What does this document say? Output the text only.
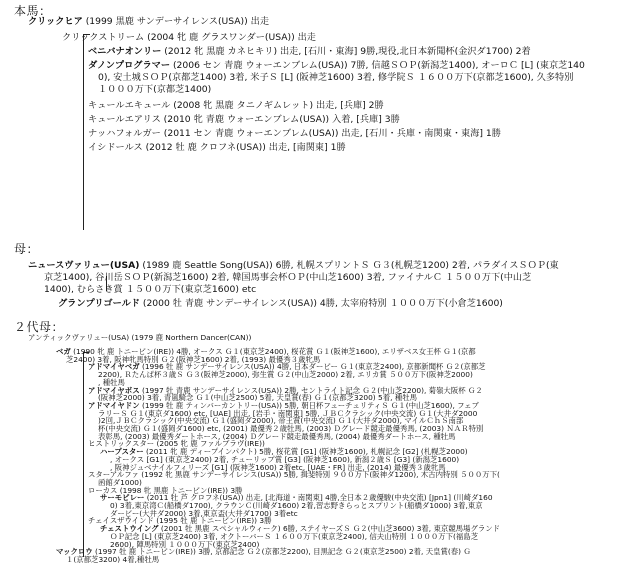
本馬：
母：
２代母：
クリックヒア (1999 黒鹿 サンデーサイレンス(USA)) 出走
クリックストリーム (2004 牝 鹿 グラスワンダー(USA)) 出走
ベニバナオンリー (2012 牝 黒鹿 カネヒキリ) 出走, [石川・東海] 9勝,現役,北日本新聞杯(金沢ダ1700) 2着
ダノンプログラマー (2006 セン 青鹿 ウォーエンブレム(USA)) 7勝, 信越ＳＯＰ(新潟芝1400), オーロＣ [L] (東京芝140
0), 安土城ＳＯＰ(京都芝1400) 3着, 米子Ｓ [L] (阪神芝1600) 3着, 修学院Ｓ １６００万下(京都芝1600), 久多特別
１０００万下(京都芝1400)
キュールエキュール (2008 牝 黒鹿 タニノギムレット) 出走, [兵庫] 2勝
キュールエアリス (2010 牝 青鹿 ウォーエンブレム(USA)) 入着, [兵庫] 3勝
ナッハフォルガー (2011 セン 青鹿 ウォーエンブレム(USA)) 出走, [石川・兵庫・南関東・東海] 1勝
イシドールス (2012 牡 鹿 クロフネ(USA)) 出走, [南関東] 1勝
ニュースヴァリュー(USA) (1989 鹿 Seattle Song(USA)) 6勝, 札幌スプリントＳ Ｇ３(札幌芝1200) 2着, パラダイスＳＯＰ(東
京芝1400), 谷川岳ＳＯＰ(新潟芝1600) 2着, 韓国馬事会杯ＯＰ(中山芝1600) 3着, ファイナルＣ １５００万下(中山芝
1400), むらさき賞 １５００万下(東京芝1600) etc
グランプリゴールド (2000 牡 青鹿 サンデーサイレンス(USA)) 4勝, 太宰府特別 １０００万下(小倉芝1600)
アンティックヴァリュー(USA) (1979 鹿 Northern Dancer(CAN))
ベガ (1990 牝 鹿 トニービン(IRE)) 4勝, オークス Ｇ１(東京芝2400), 桜花賞 Ｇ１(阪神芝1600), エリザベス女王杯 Ｇ１(京都
芝2400) 3着, 阪神牝馬特別 Ｇ２(阪神芝1600) 2着, (1993) 最優秀３歳牝馬
アドマイヤベガ (1996 牡 鹿 サンデーサイレンス(USA)) 4勝, 日本ダービー Ｇ１(東京芝2400), 京都新聞杯 Ｇ２(京都芝
2200), Ｒたんぱ杯３歳Ｓ Ｇ３(阪神芝2000), 弥生賞 Ｇ２(中山芝2000) 2着, エリカ賞 ５００万下(阪神芝2000)
, 種牡馬
アドマイヤボス (1997 牡 青鹿 サンデーサイレンス(USA)) 2勝, セントライト記念 Ｇ２(中山芝2200), 菊嶺大阪杯 Ｇ２
(阪神芝2000) 3着, 青嵐騎念 Ｇ１(中山芝2500) 5着, 天皇賞(春) Ｇ１(京都芝3200) 5着, 種牡馬
アドマイヤドン (1999 牡 鹿 ティンバーカントリー(USA)) 5勝, 朝日杯フューチュリティＳ Ｇ１(中山芝1600), フェブ
ラリーＳ Ｇ１(東京ダ1600) etc, [UAE] 出走, [岩手・南関東] 5勝, ＪＢＣクラシック(中央交流) Ｇ１(大井ダ2000
)2回,ＪＢＣクラシック(中央交流) Ｇ１(盛岡ダ2000), 帝王賞(中央交流) Ｇ１(大井ダ2000), マイルＣｈＳ南部
杯(中央交流) Ｇ１(盛岡ダ1600) etc, (2001) 最優秀２歳牡馬, (2003) Ｄグレード競走最優秀馬, (2003) ＮＡＲ特別
表彰馬, (2003) 最優秀ダートホース, (2004) Ｄグレード競走最優秀馬, (2004) 最優秀ダートホース, 種牡馬
ヒストリックスター (2005 牝 鹿 ファルブラヴ(IRE))
ハープスター (2011 牝 鹿 ディープインパクト) 5勝, 桜花賞 [G1] (阪神芝1600), 札幌記念 [G2] (札幌芝2000)
, オークス [G1] (東京芝2400) 2着, チューリップ賞 [G3] (阪神芝1600), 新潟２歳Ｓ [G3] (新潟芝1600)
, 阪神ジュベナイルフィリーズ [G1] (阪神芝1600) 2着etc, [UAE・FR] 出走, (2014) 最優秀３歳牝馬
スターアルファ (1992 牝 黒鹿 サンデーサイレンス(USA)) 5勝, 揖斐特別 ９００万下(阪神ダ1200), 木古内特別 ５００万下(
函館ダ1000)
ローカス (1998 牝 黒鹿 トニービン(IRE)) 3勝
サーモピレー (2011 牡 芦 クロフネ(USA)) 出走, [北海道・南関東] 4勝,全日本２歳優駿(中央交流) [Jpn1] (川崎ダ160
0) 3着,東京湾Ｃ(船橋ダ1700), クラウンＣ(川崎ダ1600) 2着,習志野きらっとスプリント(船橋ダ1000) 3着,東京
ダービー(大井ダ2000) 3着,東京盃(大井ダ1700) 3着etc
チェイスザウインド (1995 牡 鹿 トニービン(IRE)) 3勝
チェストウイング (2001 牡 黒鹿 スペシャルウィーク) 6勝, ステイヤーズＳ Ｇ２(中山芝3600) 3着, 東京競馬場グランド
ＯＰ記念 [L] (東京芝2400) 3着, オクトーバーＳ １６００万下(東京芝2400), 信夫山特別 １０００万下(福島芝
2600), 陣馬特別 １０００万下(東京芝2400)
マックロウ (1997 牡 鹿 トニービン(IRE)) 3勝, 京都記念 Ｇ２(京都芝2200), 目黒記念 Ｇ２(東京芝2500) 2着, 天皇賞(春) Ｇ
１(京都芝3200) 4着,種牡馬
